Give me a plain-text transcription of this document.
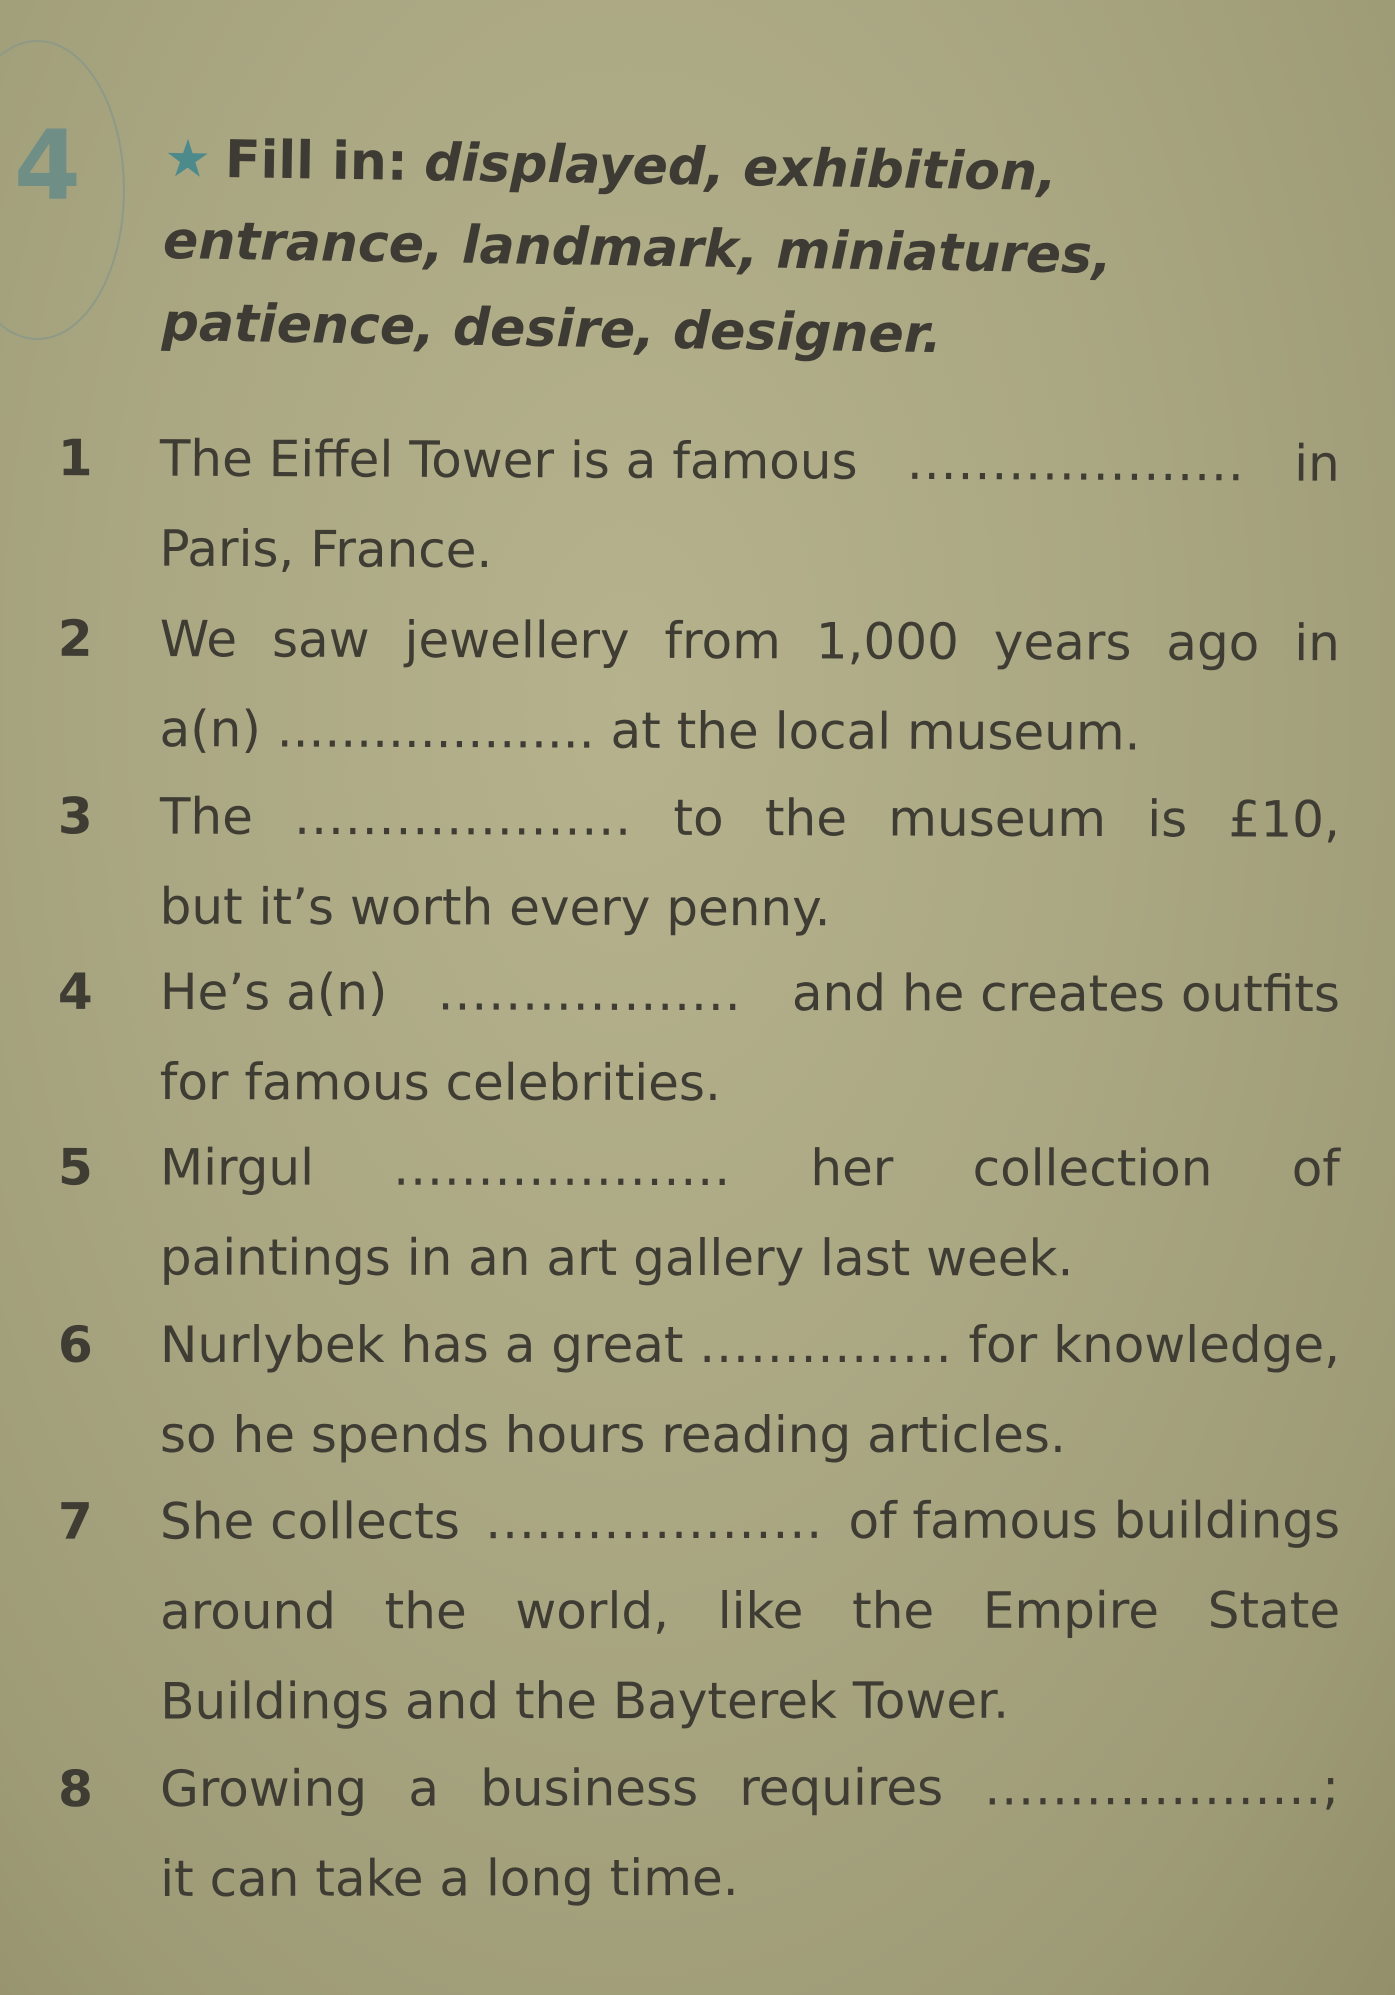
4 ★ Fill in: displayed, exhibition, entrance, landmark, miniatures, patience, desire, designer.
1	The Eiffel Tower is a famous .................... in
Paris, France.
2	We saw jewellery from 1,000 years ago in
a(n) .................... at the local museum.
3	The .................... to the museum is £10,
but it’s worth every penny.
4	He’s a(n) .................. and he creates outfits
for famous celebrities.
5	Mirgul .................... her collection of
paintings in an art gallery last week.
6	Nurlybek has a great ............... for knowledge,
so he spends hours reading articles.
7	She collects .................... of famous buildings
around the world, like the Empire State
Buildings and the Bayterek Tower.
8	Growing a business requires ....................;
it can take a long time.
